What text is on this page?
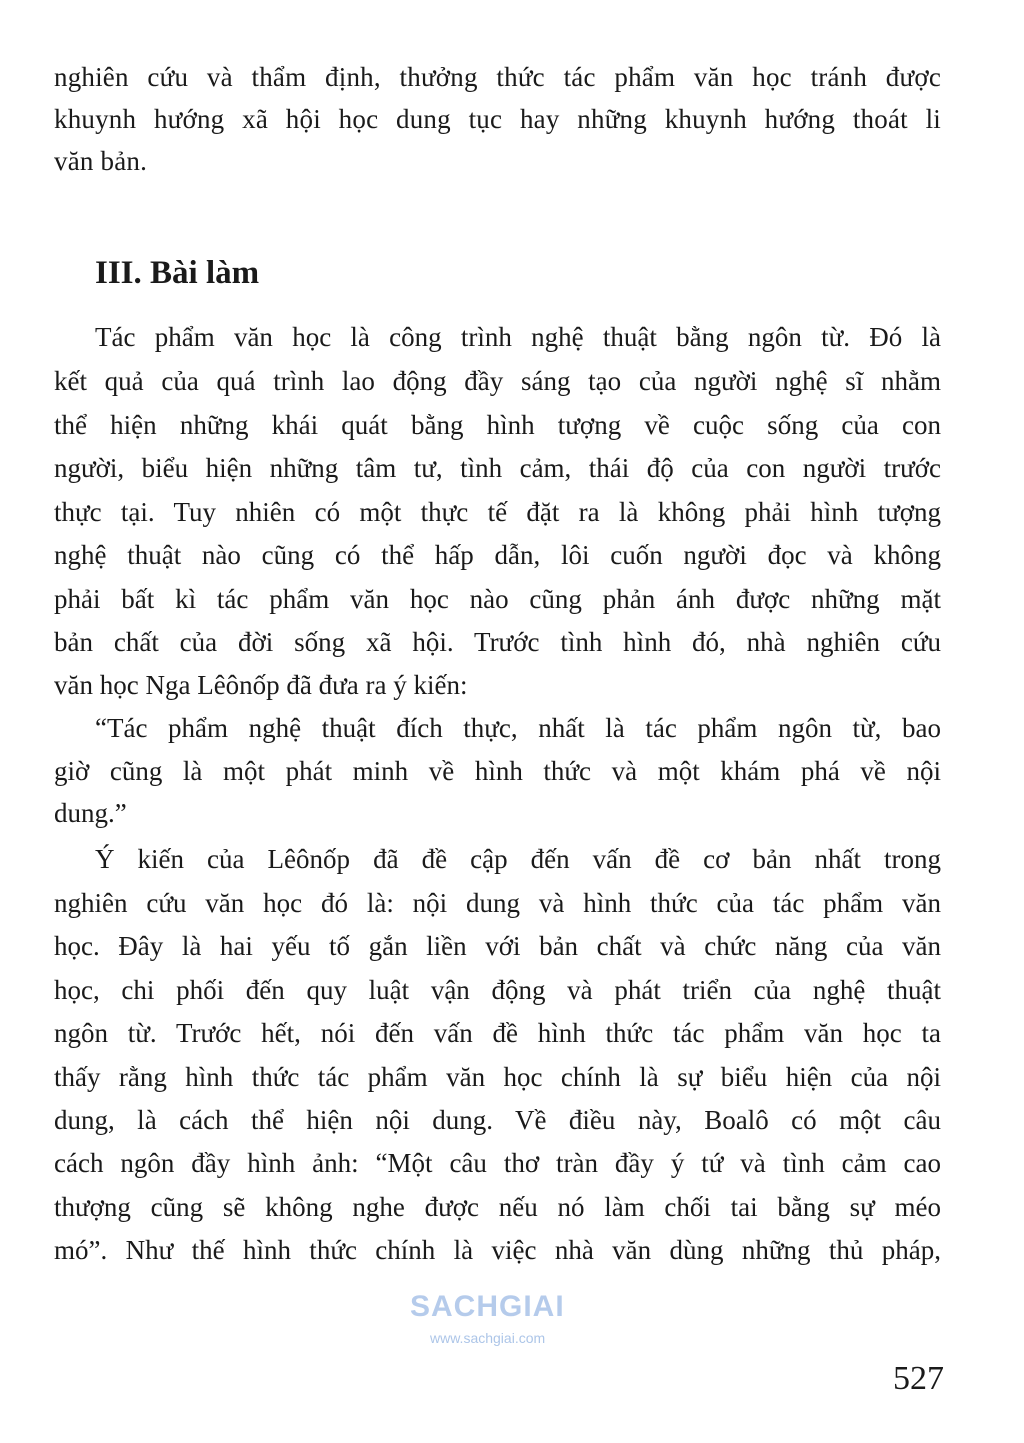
nghiên cứu và thẩm định, thưởng thức tác phẩm văn học tránh được
khuynh hướng xã hội học dung tục hay những khuynh hướng thoát li
văn bản.
III. Bài làm
Tác phẩm văn học là công trình nghệ thuật bằng ngôn từ. Đó là
kết quả của quá trình lao động đầy sáng tạo của người nghệ sĩ nhằm
thể hiện những khái quát bằng hình tượng về cuộc sống của con
người, biểu hiện những tâm tư, tình cảm, thái độ của con người trước
thực tại. Tuy nhiên có một thực tế đặt ra là không phải hình tượng
nghệ thuật nào cũng có thể hấp dẫn, lôi cuốn người đọc và không
phải bất kì tác phẩm văn học nào cũng phản ánh được những mặt
bản chất của đời sống xã hội. Trước tình hình đó, nhà nghiên cứu
văn học Nga Lêônốp đã đưa ra ý kiến:
“Tác phẩm nghệ thuật đích thực, nhất là tác phẩm ngôn từ, bao
giờ cũng là một phát minh về hình thức và một khám phá về nội
dung.”
Ý kiến của Lêônốp đã đề cập đến vấn đề cơ bản nhất trong
nghiên cứu văn học đó là: nội dung và hình thức của tác phẩm văn
học. Đây là hai yếu tố gắn liền với bản chất và chức năng của văn
học, chi phối đến quy luật vận động và phát triển của nghệ thuật
ngôn từ. Trước hết, nói đến vấn đề hình thức tác phẩm văn học ta
thấy rằng hình thức tác phẩm văn học chính là sự biểu hiện của nội
dung, là cách thể hiện nội dung. Về điều này, Boalô có một câu
cách ngôn đầy hình ảnh: “Một câu thơ tràn đầy ý tứ và tình cảm cao
thượng cũng sẽ không nghe được nếu nó làm chối tai bằng sự méo
mó”. Như thế hình thức chính là việc nhà văn dùng những thủ pháp,
SACHGIAI
www.sachgiai.com
527
